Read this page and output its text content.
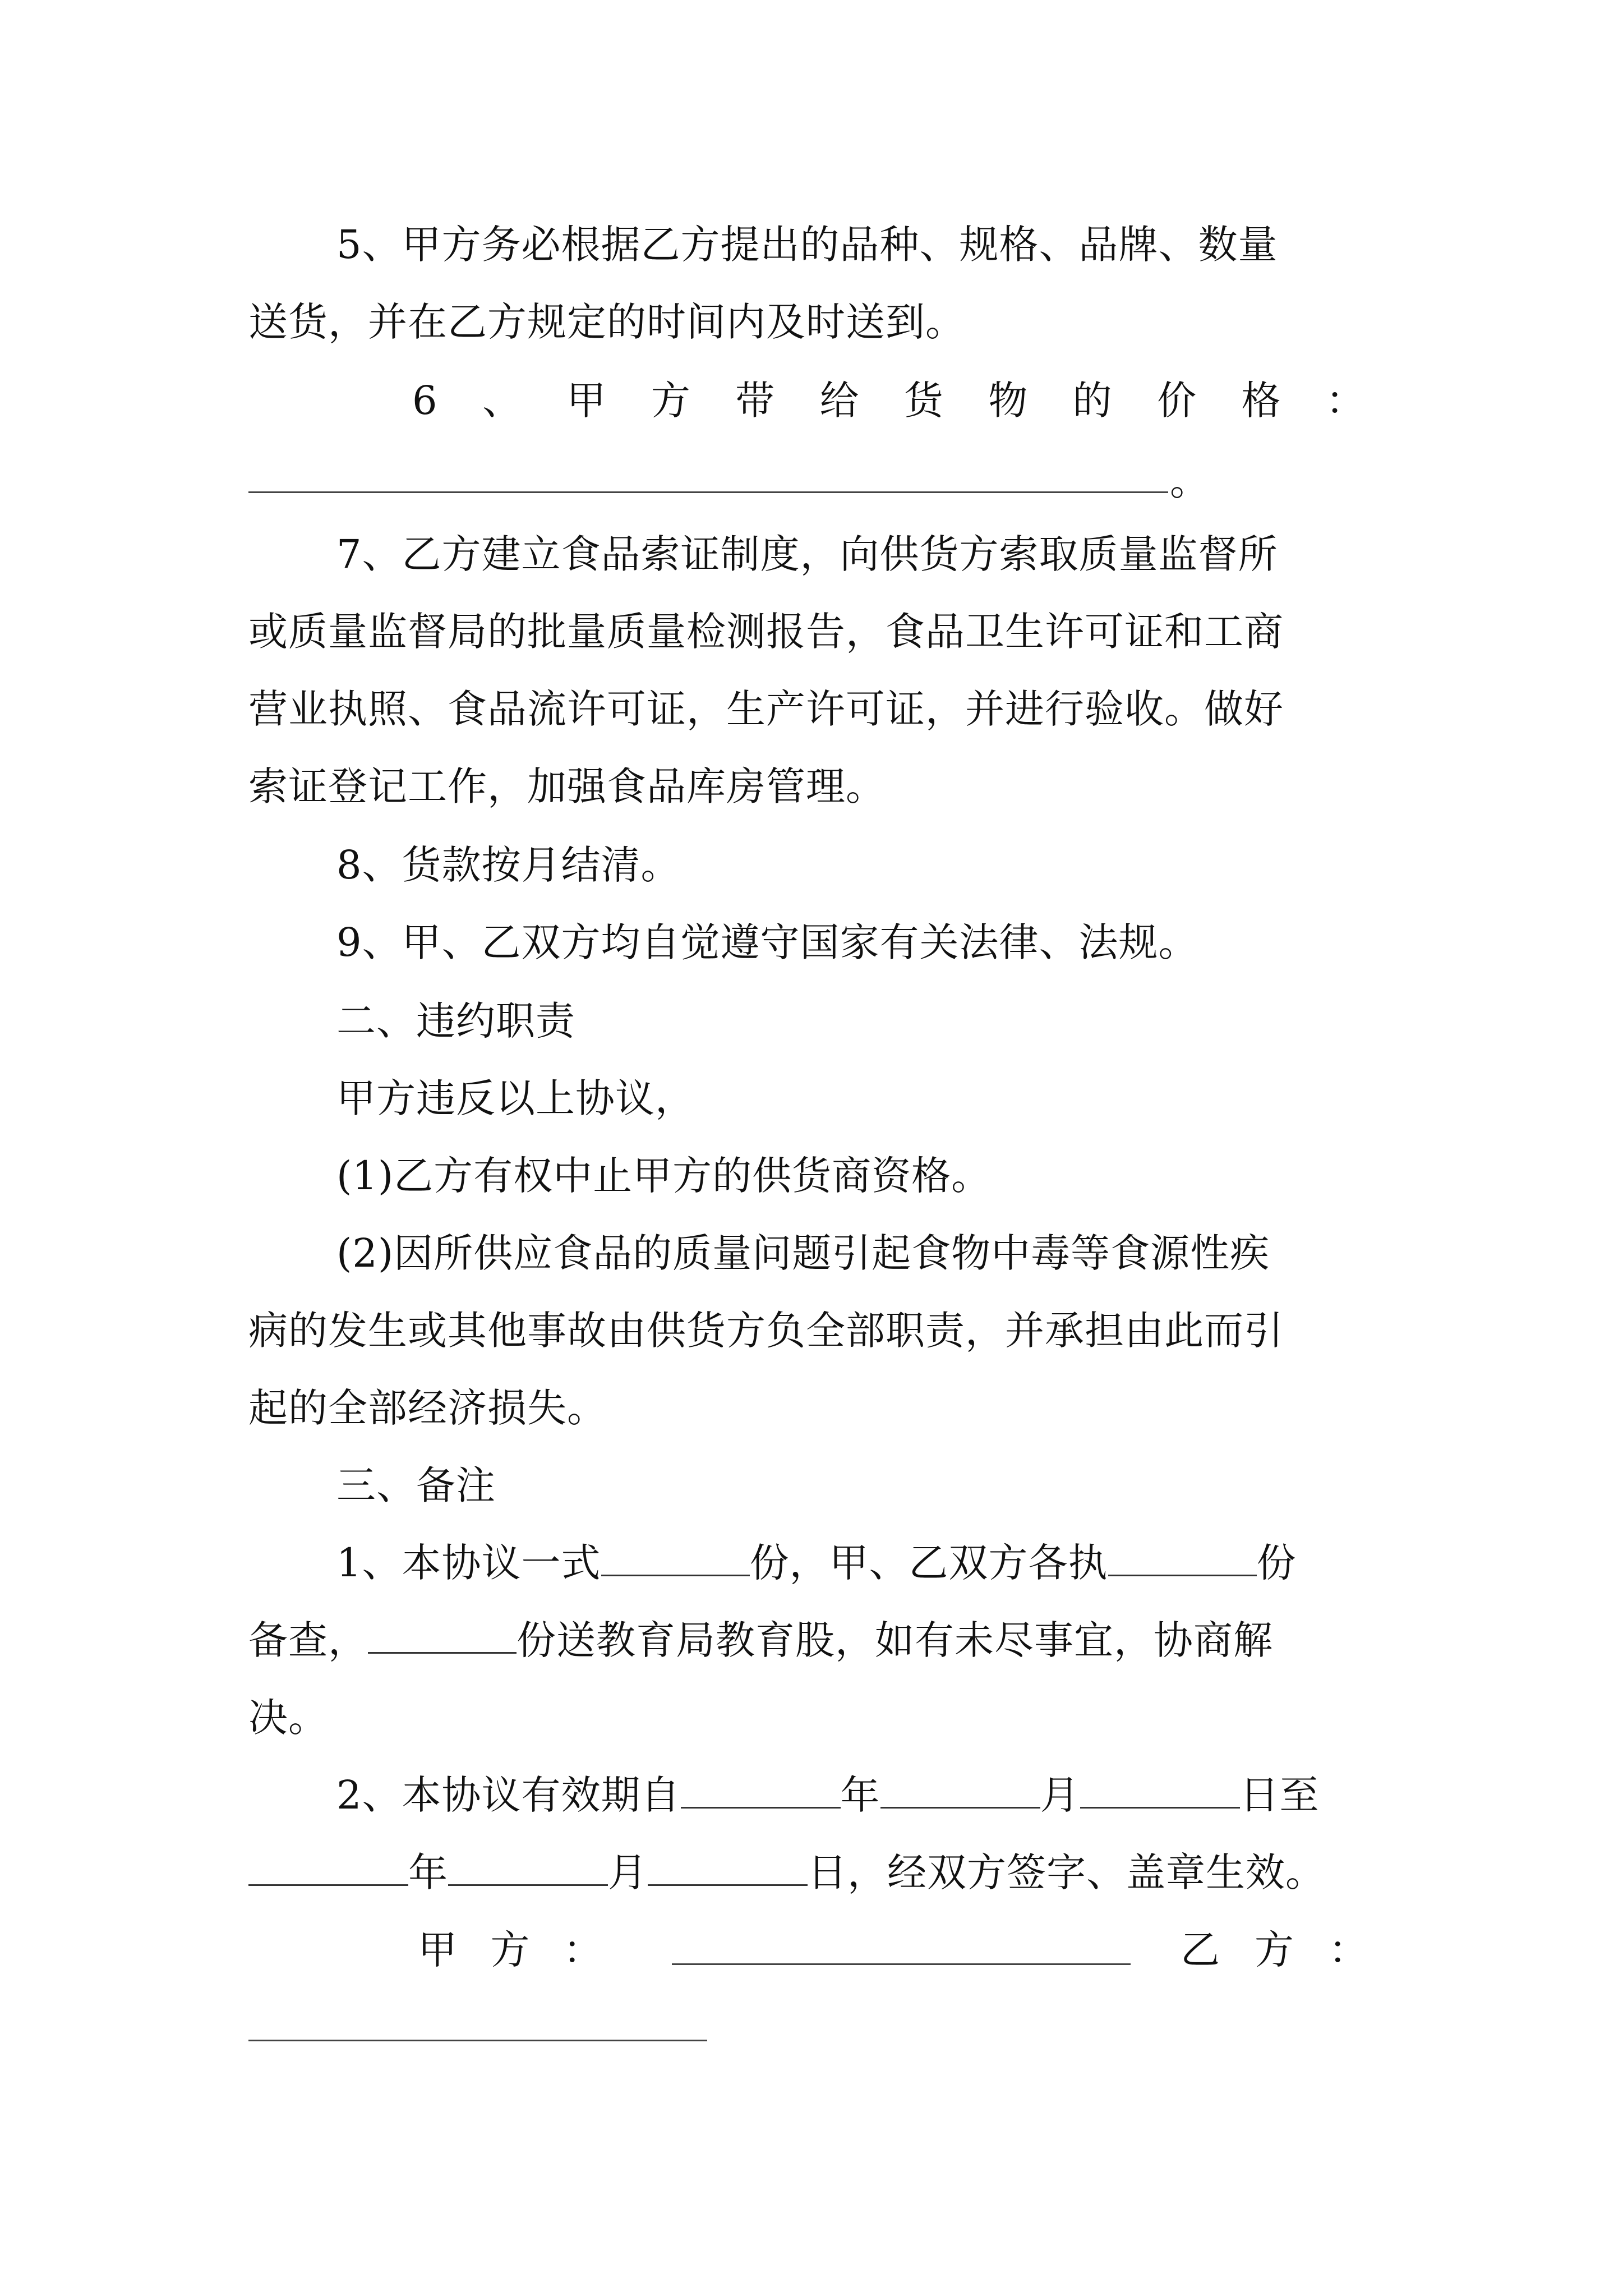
5、甲方务必根据乙方提出的品种、规格、品牌、数量
送货，并在乙方规定的时间内及时送到。
6 、 甲 方 带 给 货 物 的 价 格 ：
。
7、乙方建立食品索证制度，向供货方索取质量监督所
或质量监督局的批量质量检测报告，食品卫生许可证和工商
营业执照、食品流许可证，生产许可证，并进行验收。做好
索证登记工作，加强食品库房管理。
8、货款按月结清。
9、甲、乙双方均自觉遵守国家有关法律、法规。
二、违约职责
甲方违反以上协议，
(1)乙方有权中止甲方的供货商资格。
(2)因所供应食品的质量问题引起食物中毒等食源性疾
病的发生或其他事故由供货方负全部职责，并承担由此而引
起的全部经济损失。
三、备注
1、本协议一式	份，甲、乙双方各执	份
备查，	份送教育局教育股，如有未尽事宜，协商解
决。
2、本协议有效期自	年	月	日至
年	月	日，经双方签字、盖章生效。
甲 方 ：	乙 方 ：
